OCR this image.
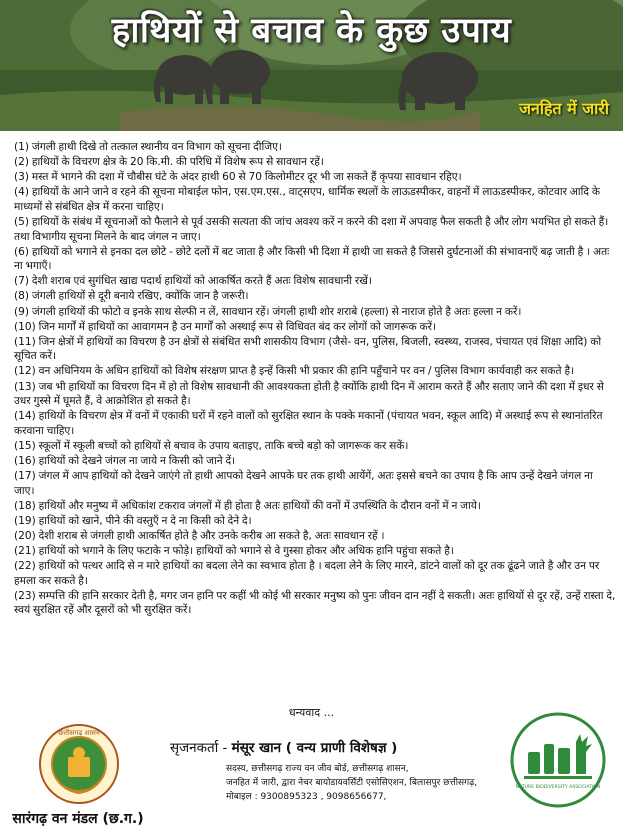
हाथियों से बचाव के कुछ उपाय
जनहित में जारी
(1) जंगली हाथी दिखे तो तत्काल स्थानीय वन विभाग को सूचना दीजिए।
(2) हाथियों के विचरण क्षेत्र के 20 कि.मी. की परिधि में विशेष रूप से सावधान रहें।
(3) मस्त में भागने की दशा में चौबीस घंटे के अंदर हाथी 60 से 70 किलोमीटर दूर भी जा सकते हैं कृपया सावधान रहिए।
(4) हाथियों के आने जाने व रहने की सूचना मोबाईल फोन, एस.एम.एस., वाट्सएप, धार्मिक स्थलों के लाऊडस्पीकर, वाहनों में लाऊडस्पीकर, कोटवार आदि के माध्यमों से संबंधित क्षेत्र में करना चाहिए।
(5) हाथियों के संबंध में सूचनाओं को फैलाने से पूर्व उसकी सत्यता की जांच अवश्य करें न करने की दशा में अपवाह फैल सकती है और लोग भयभित हो सकते हैं। तथा विभागीय सूचना मिलने के बाद जंगल न जाए।
(6) हाथियों को भगाने से इनका दल छोटे - छोटे दलों में बट जाता है और किसी भी दिशा में हाथी जा सकते है जिससे दुर्घटनाओं की संभावनाएँ बढ़ जाती है । अतः ना भगाएँ।
(7) देशी शराब एवं सुगंधित खाद्य पदार्थ हाथियों को आकर्षित करते हैं अतः विशेष सावधानी रखें।
(8) जंगली हाथियों से दूरी बनाये रखिए, क्योंकि जान है जरूरी।
(9) जंगली हाथियों की फोटो व इनके साथ सेल्फी न लें, सावधान रहें। जंगली हाथी शोर शराबे (हल्ला) से नाराज होते है अतः हल्ला न करें।
(10) जिन मार्गों में हाथियों का आवागमन है उन मार्गों को अस्थाई रूप से विधिवत बंद कर लोगों को जागरूक करें।
(11) जिन क्षेत्रों में हाथियों का विचरण है उन क्षेत्रों से संबंधित सभी शासकीय विभाग (जैसे- वन, पुलिस, बिजली, स्वस्थ्य, राजस्व, पंचायत एवं शिक्षा आदि) को सूचित करें।
(12) वन अधिनियम के अधिन हाथियों को विशेष संरक्षण प्राप्त है इन्हें किसी भी प्रकार की हानि पहुँचाने पर वन / पुलिस विभाग कार्यवाही कर सकते है।
(13) जब भी हाथियों का विचरण दिन में हो तो विशेष सावधानी की आवश्यकता होती है क्योंकि हाथी दिन में आराम करते हैं और सताए जाने की दशा में इधर से उधर गुस्से में घूमते हैं, वे आक्रोशित हो सकते है।
(14) हाथियों के विचरण क्षेत्र में वनों में एकाकी घरों में रहने वालों को सुरक्षित स्थान के पक्के मकानों (पंचायत भवन, स्कूल आदि) में अस्थाई रूप से स्थानांतरित करवाना चाहिए।
(15) स्कूलों में स्कूली बच्चों को हाथियों से बचाव के उपाय बताइए, ताकि बच्चे बड़ो को जागरूक कर सकें।
(16) हाथियों को देखने जंगल ना जाये न किसी को जाने दें।
(17) जंगल में आप हाथियों को देखने जाएंगे तो हाथी आपको देखने आपके घर तक हाथी आयेंगें, अतः इससे बचने का उपाय है कि आप उन्हें देखने जंगल ना जाए।
(18) हाथियों और मनुष्य में अधिकांश टकराव जंगलों में ही होता है अतः हाथियों की वनों में उपस्थिति के दौरान वनों में न जाये।
(19) हाथियों को खाने, पीने की वस्तुएँ न दे ना किसी को देने दे।
(20) देशी शराब से जंगली हाथी आकर्षित होते है और उनके करीब आ सकते है, अतः सावधान रहें ।
(21) हाथियों को भगाने के लिए फटाके न फोड़े। हाथियों को भगाने से वे गुस्सा होकर और अधिक हानि पहुंचा सकते है।
(22) हाथियों को पत्थर आदि से न मारे हाथियों का बदला लेने का स्वभाव होता है । बदला लेने के लिए मारने, डांटने वालों को दूर तक ढूंढने जाते है और उन पर हमला कर सकते है।
(23) सम्पत्ति की हानि सरकार देती है, मगर जन हानि पर कहीं भी कोई भी सरकार मनुष्य को पुनः जीवन दान नहीं दे सकती। अतः हाथियों से दूर रहें, उन्हें रास्ता दे, स्वयं सुरक्षित रहें और दूसरों को भी सुरक्षित करें।
धन्यवाद ...
छत्तीसगढ़ शासन
सारंगढ़ वन मंडल (छ.ग.)
सृजनकर्ता - मंसूर खान ( वन्य प्राणी विशेषज्ञ )
सदस्य, छत्तीसगढ़ राज्य वन जीव बोर्ड, छत्तीसगढ़ शासन,
जनहित में जारी, द्वारा नेचर बायोडायवर्सिटी एसोसिएशन, बिलासपुर छत्तीसगढ़,
मोबाइल : 9300895323 , 9098656677,
NATURE BIODIVERSITY ASSOCIATION
